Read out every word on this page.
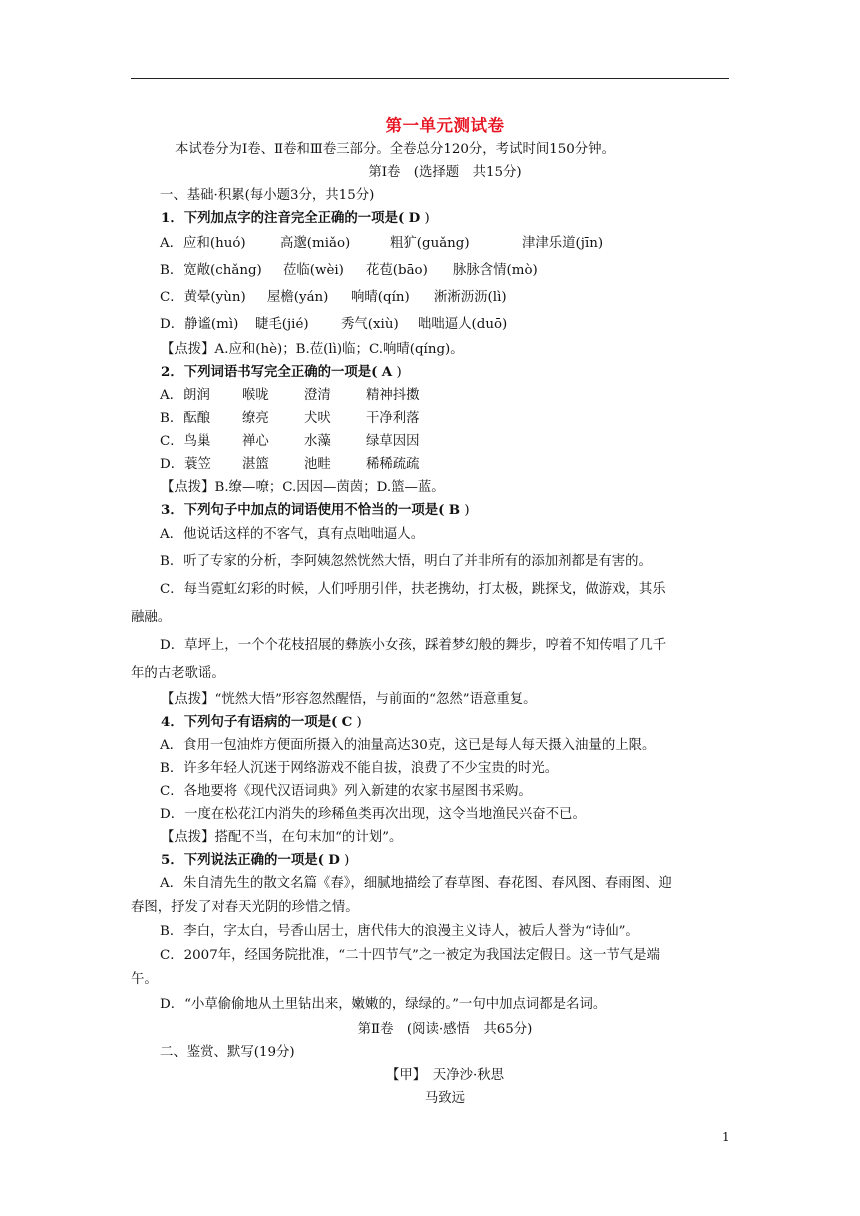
第一单元测试卷
本试卷分为Ⅰ卷、Ⅱ卷和Ⅲ卷三部分。全卷总分120分，考试时间150分钟。
第Ⅰ卷　(选择题　共15分)
一、基础·积累(每小题3分，共15分)
1．下列加点字的注音完全正确的一项是( D )
A．应和(huó)	高邈(miǎo)	粗犷(guǎng)	津津乐道(jīn)
B．宽敞(chǎng)	莅临(wèi)	花苞(bāo)	脉脉含情(mò)
C．黄晕(yùn)	屋檐(yán)	响晴(qín)	淅淅沥沥(lì)
D．静谧(mì)	睫毛(jié)	秀气(xiù)	咄咄逼人(duō)
【点拨】A.应和(hè)；B.莅(lì)临；C.响晴(qíng)。
2．下列词语书写完全正确的一项是( A )
A．朗润 喉咙	澄清	精神抖擞
B．酝酿 缭亮	犬吠	干净利落
C．鸟巢 禅心	水藻	绿草因因
D．蓑笠 湛篮	池畦	稀稀疏疏
【点拨】B.缭—嘹；C.因因—茵茵；D.篮—蓝。
3．下列句子中加点的词语使用不恰当的一项是( B )
A．他说话这样的不客气，真有点咄咄逼人。
B．听了专家的分析，李阿姨忽然恍然大悟，明白了并非所有的添加剂都是有害的。
C．每当霓虹幻彩的时候，人们呼朋引伴，扶老携幼，打太极，跳探戈，做游戏，其乐
融融。
D．草坪上，一个个花枝招展的彝族小女孩，踩着梦幻般的舞步，哼着不知传唱了几千
年的古老歌谣。
【点拨】“恍然大悟”形容忽然醒悟，与前面的“忽然”语意重复。
4．下列句子有语病的一项是( C )
A．食用一包油炸方便面所摄入的油量高达30克，这已是每人每天摄入油量的上限。
B．许多年轻人沉迷于网络游戏不能自拔，浪费了不少宝贵的时光。
C．各地要将《现代汉语词典》列入新建的农家书屋图书采购。
D．一度在松花江内消失的珍稀鱼类再次出现，这令当地渔民兴奋不已。
【点拨】搭配不当，在句末加“的计划”。
5．下列说法正确的一项是( D )
A．朱自清先生的散文名篇《春》，细腻地描绘了春草图、春花图、春风图、春雨图、迎
春图，抒发了对春天光阴的珍惜之情。
B．李白，字太白，号香山居士，唐代伟大的浪漫主义诗人，被后人誉为“诗仙”。
C．2007年，经国务院批准，“二十四节气”之一被定为我国法定假日。这一节气是端
午。
D．“小草偷偷地从土里钻出来，嫩嫩的，绿绿的。”一句中加点词都是名词。
第Ⅱ卷　(阅读·感悟　共65分)
二、鉴赏、默写(19分)
【甲】　天净沙·秋思
马致远
1
